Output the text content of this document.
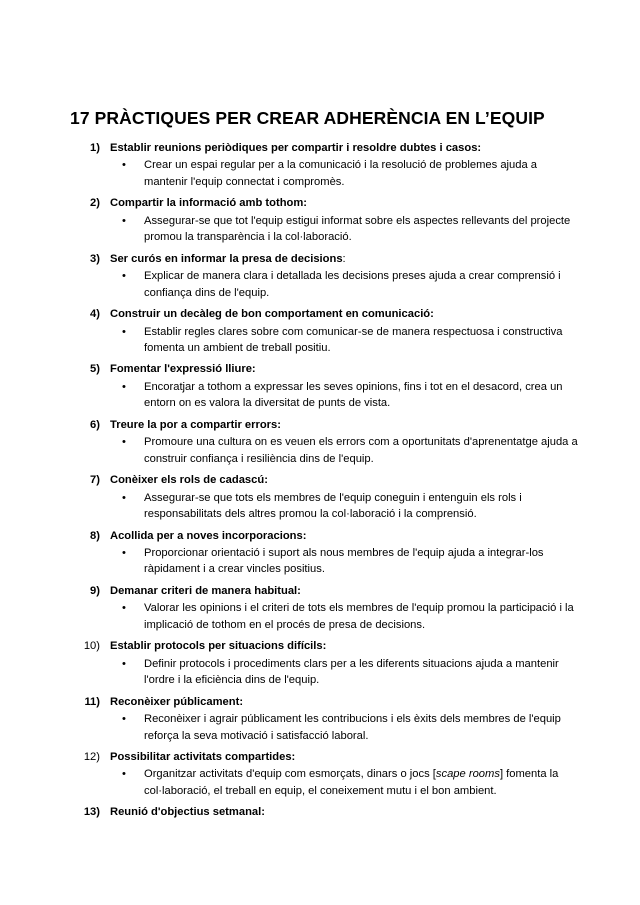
17 PRÀCTIQUES PER CREAR ADHERÈNCIA EN L’EQUIP
1) Establir reunions periòdiques per compartir i resoldre dubtes i casos:
• Crear un espai regular per a la comunicació i la resolució de problemes ajuda a mantenir l'equip connectat i compromès.
2) Compartir la informació amb tothom:
• Assegurar-se que tot l'equip estigui informat sobre els aspectes rellevants del projecte promou la transparència i la col·laboració.
3) Ser curós en informar la presa de decisions:
• Explicar de manera clara i detallada les decisions preses ajuda a crear comprensió i confiança dins de l'equip.
4) Construir un decàleg de bon comportament en comunicació:
• Establir regles clares sobre com comunicar-se de manera respectuosa i constructiva fomenta un ambient de treball positiu.
5) Fomentar l'expressió lliure:
• Encoratjar a tothom a expressar les seves opinions, fins i tot en el desacord, crea un entorn on es valora la diversitat de punts de vista.
6) Treure la por a compartir errors:
• Promoure una cultura on es veuen els errors com a oportunitats d'aprenentatge ajuda a construir confiança i resiliència dins de l'equip.
7) Conèixer els rols de cadascú:
• Assegurar-se que tots els membres de l'equip coneguin i entenguin els rols i responsabilitats dels altres promou la col·laboració i la comprensió.
8) Acollida per a noves incorporacions:
• Proporcionar orientació i suport als nous membres de l'equip ajuda a integrar-los ràpidament i a crear vincles positius.
9) Demanar criteri de manera habitual:
• Valorar les opinions i el criteri de tots els membres de l'equip promou la participació i la implicació de tothom en el procés de presa de decisions.
10) Establir protocols per situacions difícils:
• Definir protocols i procediments clars per a les diferents situacions ajuda a mantenir l'ordre i la eficiència dins de l'equip.
11) Reconèixer públicament:
• Reconèixer i agrair públicament les contribucions i els èxits dels membres de l'equip reforça la seva motivació i satisfacció laboral.
12) Possibilitar activitats compartides:
• Organitzar activitats d'equip com esmorçats, dinars o jocs [scape rooms] fomenta la col·laboració, el treball en equip, el coneixement mutu i el bon ambient.
13) Reunió d'objectius setmanal:
